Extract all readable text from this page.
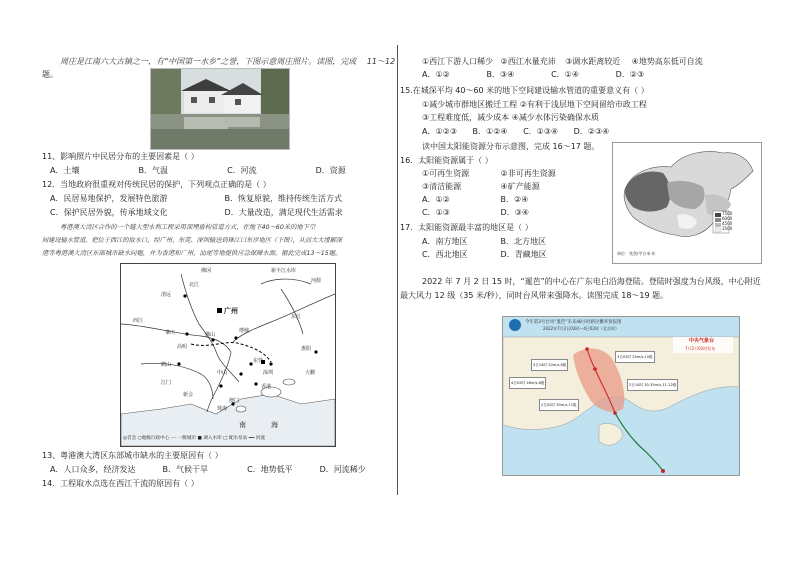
周庄是江南六大古镇之一，有“中国第一水乡”之誉，下图示意周庄照片。读图，完成 11～12
题。
11、影响照片中民居分布的主要因素是（ ）
A．土壤	B．气温	C．河流	D．资源
12．当地政府很重视对传统民居的保护，下列观点正确的是（ ）
A．民居易地保护，发展特色旅游	B．恢复原貌，维持传统生活方式
C．保护民居外貌，传承地域文化	D．大量改造，满足现代生活需求
粤港澳大湾区合作的一个越大型水利工程采用深埋盾构管道方式，在地下40～60米的地下空
间建设输水管道，把位于西江的取水口，经广州、东莞、深圳输送到珠江口东岸地区（下图），从而大大缓解深
港等粤港澳大湾区东部城市缺水问题，并为香港和广州、汕尾等地提供应急保障水源。据此完成13～15题。
佛冈	新丰江水库
河源
清远
广州
增城
惠阳
肇庆	佛山
高明
东莞
鹤山
中山	深圳	大鹏
江门
新会
香港
澳门
珠海
西江
东江
北江
南	海
◎首会 ○地级行政中心 ┈┈ 一级城市 ■ 调入水库 □ 配水泵站 ━━ 河流
13、粤港澳大湾区东部城市缺水的主要原因有（ ）
A．人口众多，经济发达	B．气候干旱	C．地势低平	D．河流稀少
14．工程取水点选在西江干流的原因有（ ）
①西江下游人口稀少 ②西江水量充沛 ③调水距离较近 ④地势高东低可自流
A．①②	B．③④	C．①④	D．②③
15.在城深平均 40～60 米的地下空间建设输水管道的重要意义有（ ）
①减少城市群地区搬迁工程 ②有利于浅层地下空间留给市政工程
③工程难度低，减少成本 ④减少水体污染确保水质
A．①②③ B．①②④ C．①③④ D．②③④
读中国太阳能资源分布示意图，完成 16～17 题。
16．太阳能资源属于（ ）
①可再生资源	②非可再生资源
③清洁能源	④矿产能源
A．①②	B．②④
C．①③	D．③④
17．太阳能资源最丰富的地区是（ ）
A．南方地区	B．北方地区
C．西北地区	D．青藏地区
7500
6000
4500
3500
单位：兆焦/平方米·年
2022 年 7 月 2 日 15 时，“暹芭”的中心在广东电白沿海登陆。登陆时强度为台风级，中心附近
最大风力 12 级（35 米/秒），同时台风带来强降水。读图完成 18～19 题。
今年第3号台风“暹芭”未来48小时路径概率预报图
2022年7月2日02时～4日02时（北京时）
中央气象台
7月2日02时发布
3日14时 20m/s,8级
3日02时 25m/s,10级
2日14时 30-35m/s,11-12级
2日02时 30m/s,11级
4日02时 18m/s,8级
